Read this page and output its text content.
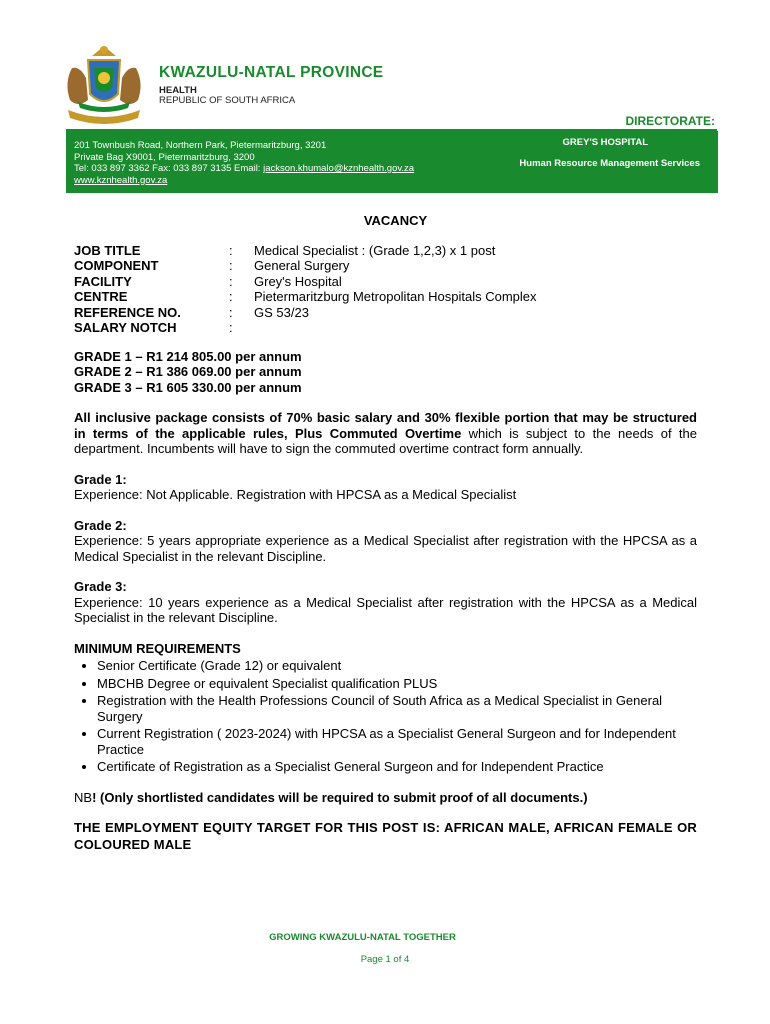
KWAZULU-NATAL PROVINCE
HEALTH
REPUBLIC OF SOUTH AFRICA
DIRECTORATE:
201 Townbush Road, Northern Park, Pietermaritzburg, 3201
Private Bag X9001, Pietermaritzburg, 3200
Tel: 033 897 3362 Fax: 033 897 3135 Email: jackson.khumalo@kznhealth.gov.za
www.kznhealth.gov.za
GREY'S HOSPITAL
Human Resource Management Services
VACANCY
JOB TITLE	:	Medical Specialist : (Grade 1,2,3) x 1 post
COMPONENT	:	General Surgery
FACILITY	:	Grey's Hospital
CENTRE	:	Pietermaritzburg Metropolitan Hospitals Complex
REFERENCE NO.	:	GS 53/23
SALARY NOTCH	:
GRADE 1 – R1 214 805.00 per annum
GRADE 2 – R1 386 069.00 per annum
GRADE 3 – R1 605 330.00 per annum

All inclusive package consists of 70% basic salary and 30% flexible portion that may be structured in terms of the applicable rules, Plus Commuted Overtime which is subject to the needs of the department. Incumbents will have to sign the commuted overtime contract form annually.

Grade 1:
Experience: Not Applicable. Registration with HPCSA as a Medical Specialist
Grade 2:
Experience: 5 years appropriate experience as a Medical Specialist after registration with the HPCSA as a Medical Specialist in the relevant Discipline.
Grade 3:
Experience: 10 years experience as a Medical Specialist after registration with the HPCSA as a Medical Specialist in the relevant Discipline.
MINIMUM REQUIREMENTS
• Senior Certificate (Grade 12) or equivalent
• MBCHB Degree or equivalent Specialist qualification PLUS
• Registration with the Health Professions Council of South Africa as a Medical Specialist in General Surgery
• Current Registration ( 2023-2024) with HPCSA as a Specialist General Surgeon and for Independent Practice
• Certificate of Registration as a Specialist General Surgeon and for Independent Practice

NB! (Only shortlisted candidates will be required to submit proof of all documents.)

THE EMPLOYMENT EQUITY TARGET FOR THIS POST IS: AFRICAN MALE, AFRICAN FEMALE OR COLOURED MALE

GROWING KWAZULU-NATAL TOGETHER
Page 1 of 4
